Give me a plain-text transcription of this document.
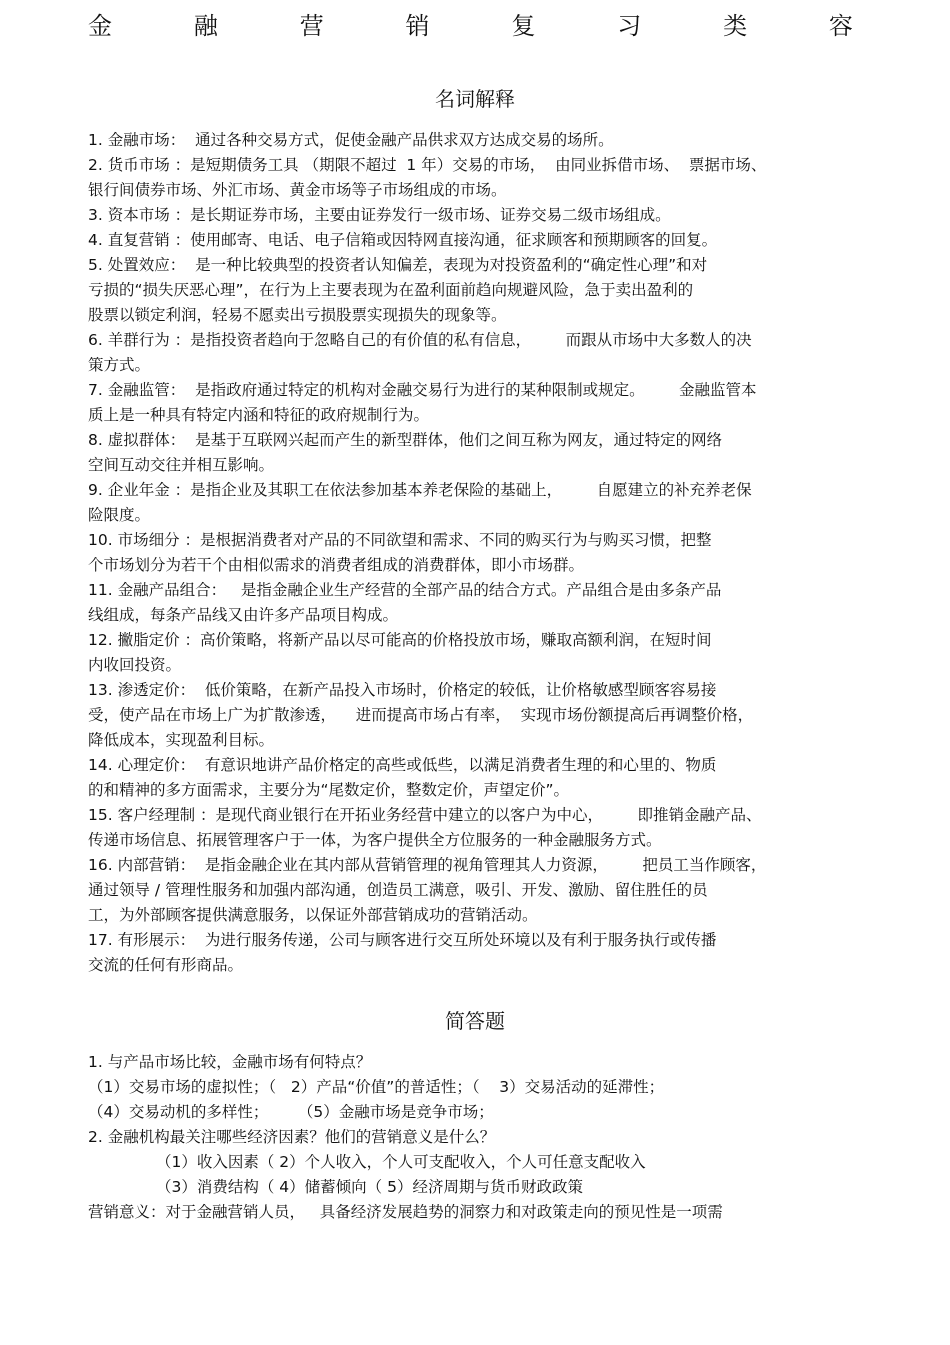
金	融	营	销	复	习	类	容
名词解释
1. 金融市场：  通过各种交易方式，促使金融产品供求双方达成交易的场所。
2. 货币市场 ：是短期债务工具 （期限不超过  1 年）交易的市场，  由同业拆借市场、  票据市场、
银行间债券市场、外汇市场、黄金市场等子市场组成的市场。
3. 资本市场 ：是长期证券市场，主要由证券发行一级市场、证券交易二级市场组成。
4. 直复营销 ：使用邮寄、电话、电子信箱或因特网直接沟通，征求顾客和预期顾客的回复。
5. 处置效应：  是一种比较典型的投资者认知偏差，表现为对投资盈利的“确定性心理”和对
亏损的“损失厌恶心理”，在行为上主要表现为在盈利面前趋向规避风险，急于卖出盈利的
股票以锁定利润，轻易不愿卖出亏损股票实现损失的现象等。
6. 羊群行为 ：是指投资者趋向于忽略自己的有价值的私有信息，       而跟从市场中大多数人的决
策方式。
7. 金融监管：  是指政府通过特定的机构对金融交易行为进行的某种限制或规定。       金融监管本
质上是一种具有特定内涵和特征的政府规制行为。
8. 虚拟群体：  是基于互联网兴起而产生的新型群体，他们之间互称为网友，通过特定的网络
空间互动交往并相互影响。
9. 企业年金 ：是指企业及其职工在依法参加基本养老保险的基础上，       自愿建立的补充养老保
险限度。
10. 市场细分 ：是根据消费者对产品的不同欲望和需求、不同的购买行为与购买习惯，把整
个市场划分为若干个由相似需求的消费者组成的消费群体，即小市场群。
11. 金融产品组合：   是指金融企业生产经营的全部产品的结合方式。产品组合是由多条产品
线组成，每条产品线又由许多产品项目构成。
12. 撇脂定价 ：高价策略，将新产品以尽可能高的价格投放市场，赚取高额利润，在短时间
内收回投资。
13. 渗透定价：  低价策略，在新产品投入市场时，价格定的较低，让价格敏感型顾客容易接
受，使产品在市场上广为扩散渗透，    进而提高市场占有率，  实现市场份额提高后再调整价格，
降低成本，实现盈利目标。
14. 心理定价：  有意识地讲产品价格定的高些或低些，以满足消费者生理的和心里的、物质
的和精神的多方面需求，主要分为“尾数定价，整数定价，声望定价”。
15. 客户经理制 ：是现代商业银行在开拓业务经营中建立的以客户为中心，       即推销金融产品、
传递市场信息、拓展管理客户于一体，为客户提供全方位服务的一种金融服务方式。
16. 内部营销：  是指金融企业在其内部从营销管理的视角管理其人力资源，       把员工当作顾客，
通过领导 / 管理性服务和加强内部沟通，创造员工满意，吸引、开发、激励、留住胜任的员
工，为外部顾客提供满意服务，以保证外部营销成功的营销活动。
17. 有形展示：  为进行服务传递，公司与顾客进行交互所处环境以及有利于服务执行或传播
交流的任何有形商品。
简答题
1. 与产品市场比较，金融市场有何特点？
（1）交易市场的虚拟性；（   2）产品“价值”的普适性；（    3）交易活动的延滞性；
（4）交易动机的多样性；      （5）金融市场是竞争市场；
2. 金融机构最关注哪些经济因素？他们的营销意义是什么？
（1）收入因素（ 2）个人收入，个人可支配收入，个人可任意支配收入
（3）消费结构（ 4）储蓄倾向（ 5）经济周期与货币财政政策
营销意义：对于金融营销人员，   具备经济发展趋势的洞察力和对政策走向的预见性是一项需
